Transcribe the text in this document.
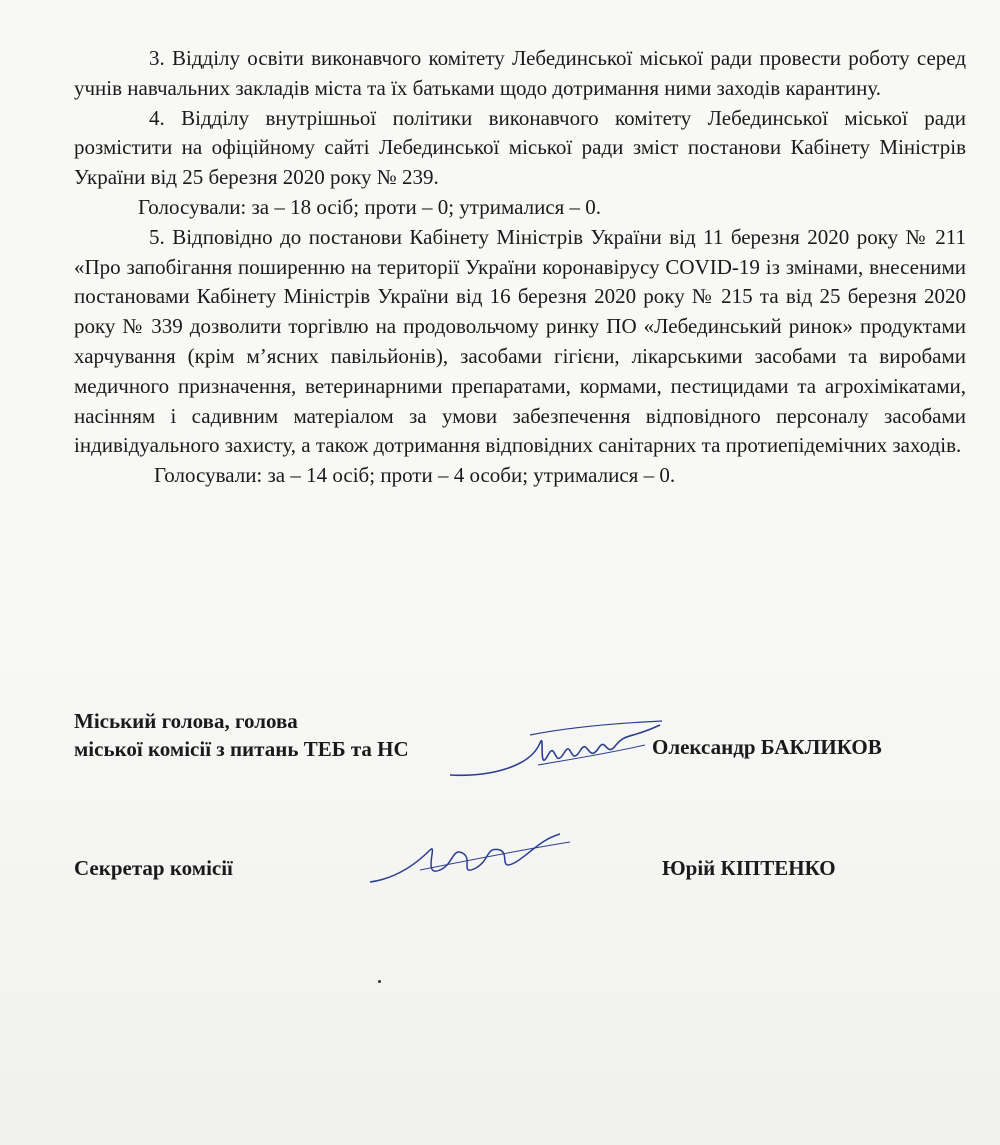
3. Відділу освіти виконавчого комітету Лебединської міської ради провести роботу серед учнів навчальних закладів міста та їх батьками щодо дотримання ними заходів карантину.

4. Відділу внутрішньої політики виконавчого комітету Лебединської міської ради розмістити на офіційному сайті Лебединської міської ради зміст постанови Кабінету Міністрів України від 25 березня 2020 року № 239.

Голосували: за – 18 осіб; проти – 0; утрималися – 0.

5. Відповідно до постанови Кабінету Міністрів України від 11 березня 2020 року № 211 «Про запобігання поширенню на території України коронавірусу COVID-19 із змінами, внесеними постановами Кабінету Міністрів України від 16 березня 2020 року № 215 та від 25 березня 2020 року № 339 дозволити торгівлю на продовольчому ринку ПО «Лебединський ринок» продуктами харчування (крім м’ясних павільйонів), засобами гігієни, лікарськими засобами та виробами медичного призначення, ветеринарними препаратами, кормами, пестицидами та агрохімікатами, насінням і садивним матеріалом за умови забезпечення відповідного персоналу засобами індивідуального захисту, а також дотримання відповідних санітарних та протиепідемічних заходів.

Голосували: за – 14 осіб; проти – 4 особи; утрималися – 0.

Міський голова, голова
міської комісії з питань ТЕБ та НС	Олександр БАКЛИКОВ
Секретар комісії	Юрій КІПТЕНКО
